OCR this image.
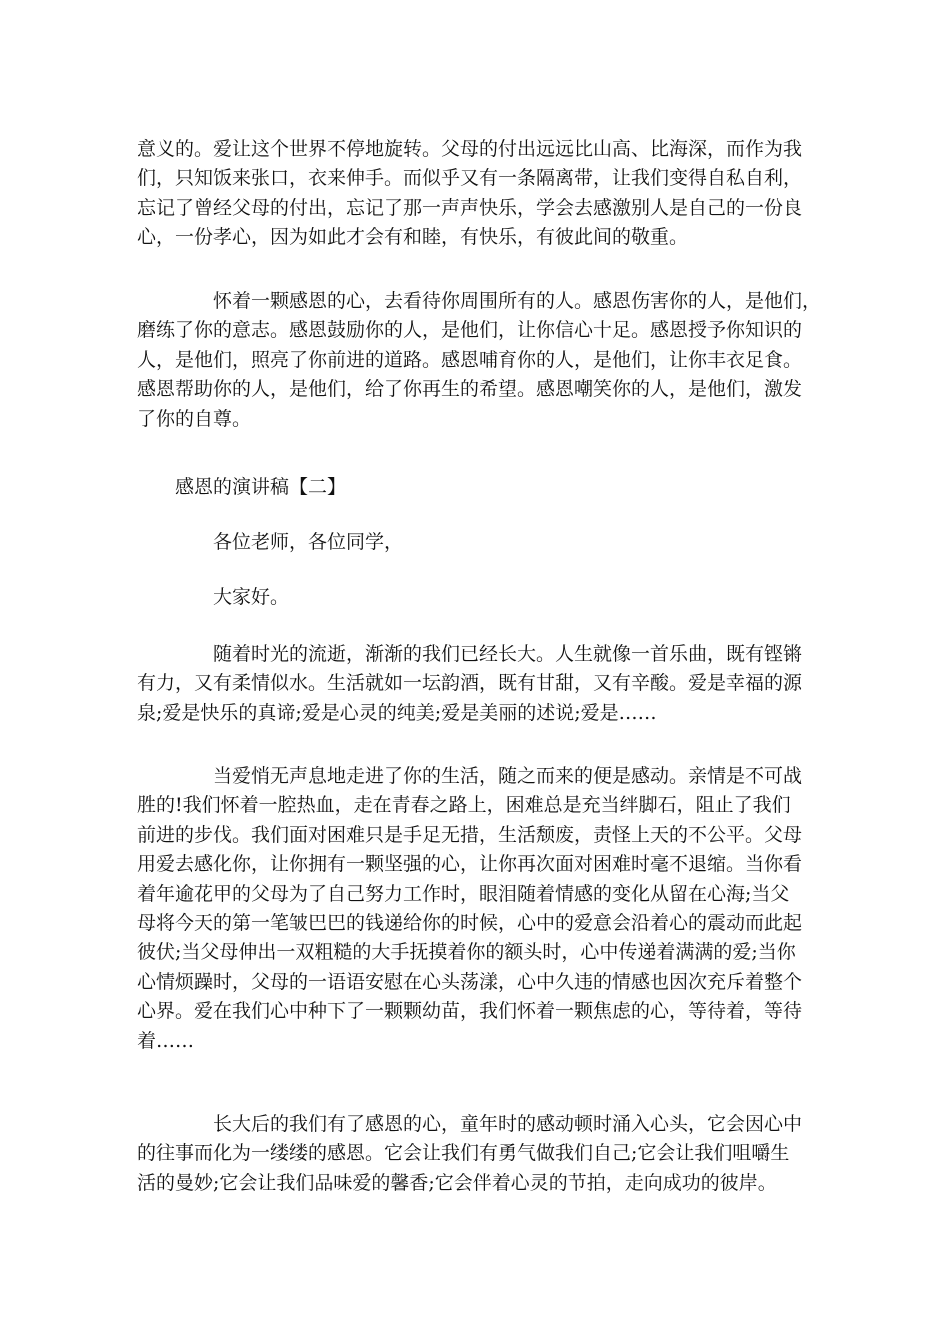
意义的。爱让这个世界不停地旋转。父母的付出远远比山高、比海深，而作为我
们，只知饭来张口，衣来伸手。而似乎又有一条隔离带，让我们变得自私自利，
忘记了曾经父母的付出，忘记了那一声声快乐，学会去感激别人是自己的一份良
心，一份孝心，因为如此才会有和睦，有快乐，有彼此间的敬重。
怀着一颗感恩的心，去看待你周围所有的人。感恩伤害你的人，是他们，
磨练了你的意志。感恩鼓励你的人，是他们，让你信心十足。感恩授予你知识的
人，是他们，照亮了你前进的道路。感恩哺育你的人，是他们，让你丰衣足食。
感恩帮助你的人，是他们，给了你再生的希望。感恩嘲笑你的人，是他们，激发
了你的自尊。

感恩的演讲稿【二】

各位老师，各位同学，

大家好。

随着时光的流逝，渐渐的我们已经长大。人生就像一首乐曲，既有铿锵
有力，又有柔情似水。生活就如一坛韵酒，既有甘甜，又有辛酸。爱是幸福的源
泉;爱是快乐的真谛;爱是心灵的纯美;爱是美丽的述说;爱是……
当爱悄无声息地走进了你的生活，随之而来的便是感动。亲情是不可战
胜的!我们怀着一腔热血，走在青春之路上，困难总是充当绊脚石，阻止了我们
前进的步伐。我们面对困难只是手足无措，生活颓废，责怪上天的不公平。父母
用爱去感化你，让你拥有一颗坚强的心，让你再次面对困难时毫不退缩。当你看
着年逾花甲的父母为了自己努力工作时，眼泪随着情感的变化从留在心海;当父
母将今天的第一笔皱巴巴的钱递给你的时候，心中的爱意会沿着心的震动而此起
彼伏;当父母伸出一双粗糙的大手抚摸着你的额头时，心中传递着满满的爱;当你
心情烦躁时，父母的一语语安慰在心头荡漾，心中久违的情感也因次充斥着整个
心界。爱在我们心中种下了一颗颗幼苗，我们怀着一颗焦虑的心，等待着，等待
着……
长大后的我们有了感恩的心，童年时的感动顿时涌入心头，它会因心中
的往事而化为一缕缕的感恩。它会让我们有勇气做我们自己;它会让我们咀嚼生
活的曼妙;它会让我们品味爱的馨香;它会伴着心灵的节拍，走向成功的彼岸。
